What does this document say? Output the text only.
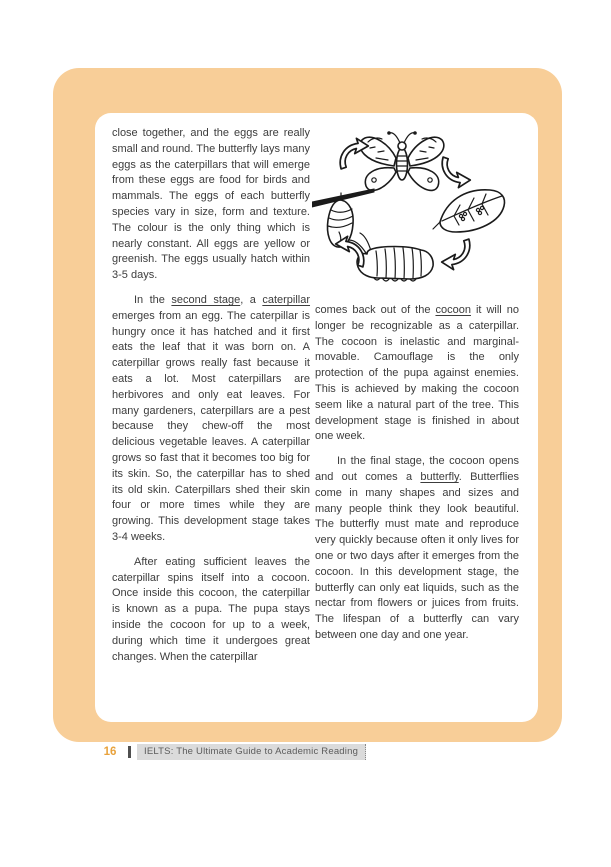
close together, and the eggs are really small and round. The butterfly lays many eggs as the caterpillars that will emerge from these eggs are food for birds and mammals. The eggs of each butterfly species vary in size, form and texture. The colour is the only thing which is nearly constant. All eggs are yellow or greenish. The eggs usually hatch within 3-5 days.

In the second stage, a caterpillar emerges from an egg. The caterpillar is hungry once it has hatched and it first eats the leaf that it was born on. A caterpillar grows really fast because it eats a lot. Most caterpillars are herbivores and only eat leaves. For many gardeners, caterpillars are a pest because they chew-off the most delicious vegetable leaves. A caterpillar grows so fast that it becomes too big for its skin. So, the caterpillar has to shed its old skin. Caterpillars shed their skin four or more times while they are growing. This development stage takes 3-4 weeks.

After eating sufficient leaves the caterpillar spins itself into a cocoon. Once inside this cocoon, the caterpillar is known as a pupa. The pupa stays inside the cocoon for up to a week, during which time it undergoes great changes. When the caterpillar

comes back out of the cocoon it will no longer be recognizable as a caterpillar. The cocoon is inelastic and marginal-movable. Camouflage is the only protection of the pupa against enemies. This is achieved by making the cocoon seem like a natural part of the tree. This development stage is finished in about one week.

In the final stage, the cocoon opens and out comes a butterfly. Butterflies come in many shapes and sizes and many people think they look beautiful. The butterfly must mate and reproduce very quickly because often it only lives for one or two days after it emerges from the cocoon. In this development stage, the butterfly can only eat liquids, such as the nectar from flowers or juices from fruits. The lifespan of a butterfly can vary between one day and one year.

16	IELTS: The Ultimate Guide to Academic Reading
